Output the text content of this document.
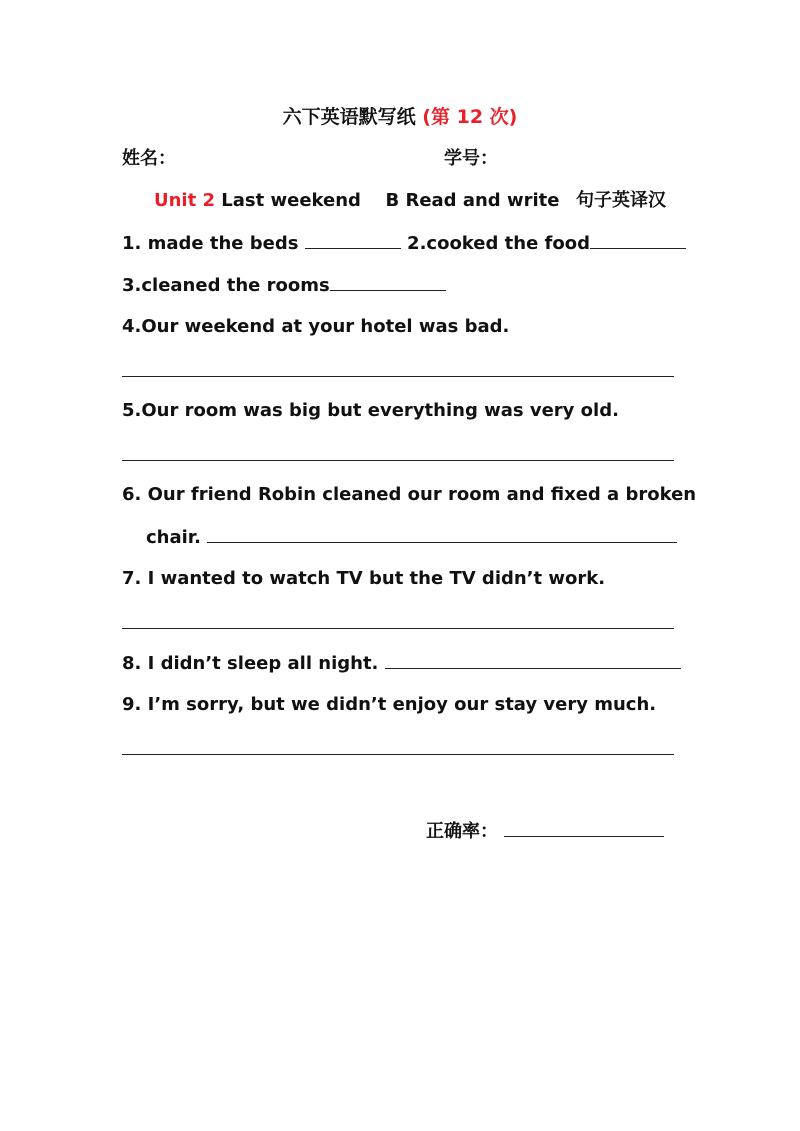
六下英语默写纸 (第 12 次)
姓名：	学号：
Unit 2 Last weekend B Read and write 句子英译汉
1. made the beds	2.cooked the food
3.cleaned the rooms
4.Our weekend at your hotel was bad.
5.Our room was big but everything was very old.
6. Our friend Robin cleaned our room and fixed a broken
chair.
7. I wanted to watch TV but the TV didn’t work.
8. I didn’t sleep all night.
9. I’m sorry, but we didn’t enjoy our stay very much.
正确率：
